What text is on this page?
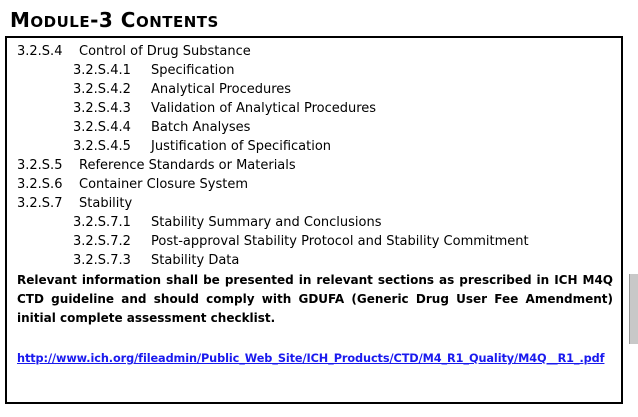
MODULE-3 CONTENTS
3.2.S.4 Control of Drug Substance
3.2.S.4.1 Specification
3.2.S.4.2 Analytical Procedures
3.2.S.4.3 Validation of Analytical Procedures
3.2.S.4.4 Batch Analyses
3.2.S.4.5 Justification of Specification
3.2.S.5 Reference Standards or Materials
3.2.S.6 Container Closure System
3.2.S.7 Stability
3.2.S.7.1 Stability Summary and Conclusions
3.2.S.7.2 Post-approval Stability Protocol and Stability Commitment
3.2.S.7.3 Stability Data

Relevant information shall be presented in relevant sections as prescribed in ICH M4Q CTD guideline and should comply with GDUFA (Generic Drug User Fee Amendment) initial complete assessment checklist.

http://www.ich.org/fileadmin/Public_Web_Site/ICH_Products/CTD/M4_R1_Quality/M4Q__R1_.pdf
